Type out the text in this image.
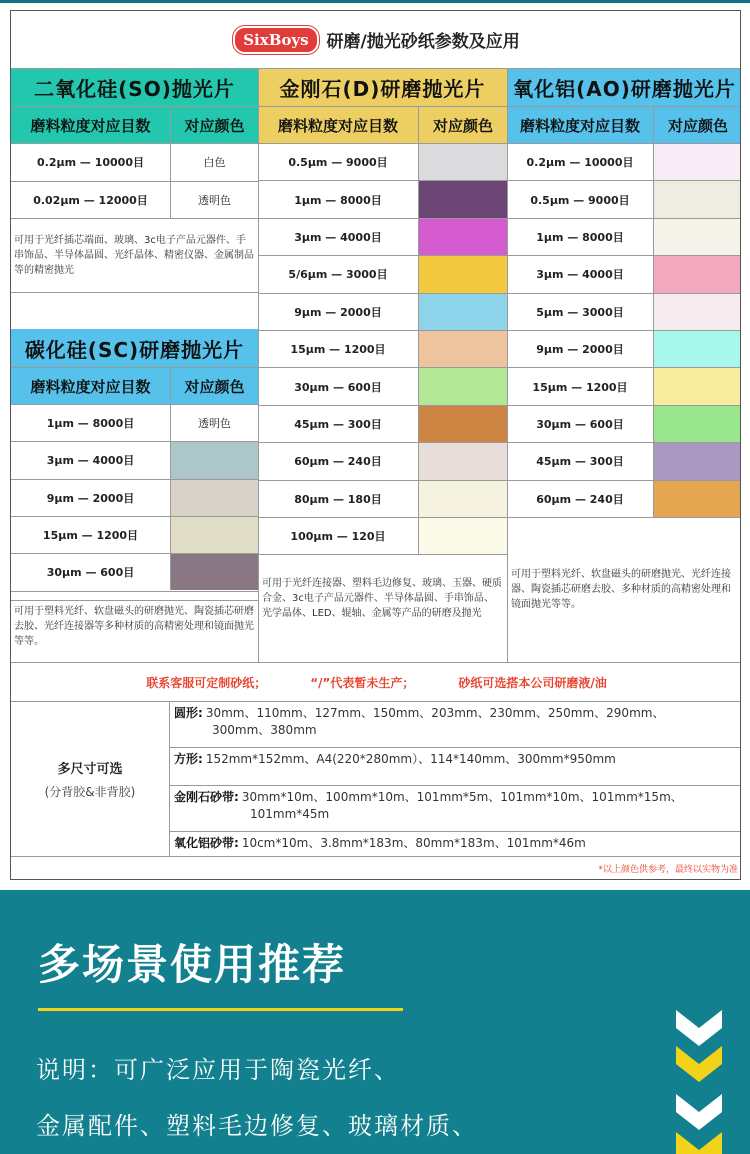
SixBoys	研磨/抛光砂纸参数及应用
二氧化硅(SO)抛光片
磨料粒度对应目数	对应颜色
0.2μm — 10000目	白色
0.02μm — 12000目	透明色
可用于光纤插芯端面、玻璃、3c电子产品元器件、手串饰品、半导体晶圆、光纤晶体、精密仪器、金属制品等的精密抛光
碳化硅(SC)研磨抛光片
磨料粒度对应目数	对应颜色
1μm — 8000目	透明色
3μm — 4000目
9μm — 2000目
15μm — 1200目
30μm — 600目
可用于塑料光纤、软盘磁头的研磨抛光、陶瓷插芯研磨去胶、光纤连接器等多种材质的高精密处理和镜面抛光等等。
金刚石(D)研磨抛光片
磨料粒度对应目数	对应颜色
0.5μm — 9000目
1μm — 8000目
3μm — 4000目
5/6μm — 3000目
9μm — 2000目
15μm — 1200目
30μm — 600目
45μm — 300目
60μm — 240目
80μm — 180目
100μm — 120目
可用于光纤连接器、塑料毛边修复、玻璃、玉器、硬质合金、3c电子产品元器件、半导体晶圆、手串饰品、光学晶体、LED、辊轴、金属等产品的研磨及抛光
氧化铝(AO)研磨抛光片
磨料粒度对应目数	对应颜色
0.2μm — 10000目
0.5μm — 9000目
1μm — 8000目
3μm — 4000目
5μm — 3000目
9μm — 2000目
15μm — 1200目
30μm — 600目
45μm — 300目
60μm — 240目
可用于塑料光纤、软盘磁头的研磨抛光、光纤连接器、陶瓷插芯研磨去胶、多种材质的高精密处理和镜面抛光等等。
联系客服可定制砂纸；	“/”代表暂未生产；	砂纸可选搭本公司研磨液/油
多尺寸可选
(分背胶&非背胶)
圆形: 30mm、110mm、127mm、150mm、203mm、230mm、250mm、290mm、
300mm、380mm
方形: 152mm*152mm、A4(220*280mm）、114*140mm、300mm*950mm
金刚石砂带: 30mm*10m、100mm*10m、101mm*5m、101mm*10m、101mm*15m、
101mm*45m
氧化铝砂带: 10cm*10m、3.8mm*183m、80mm*183m、101mm*46m
*以上颜色供参考，最终以实物为准
多场景使用推荐
说明：可广泛应用于陶瓷光纤、
金属配件、塑料毛边修复、玻璃材质、
